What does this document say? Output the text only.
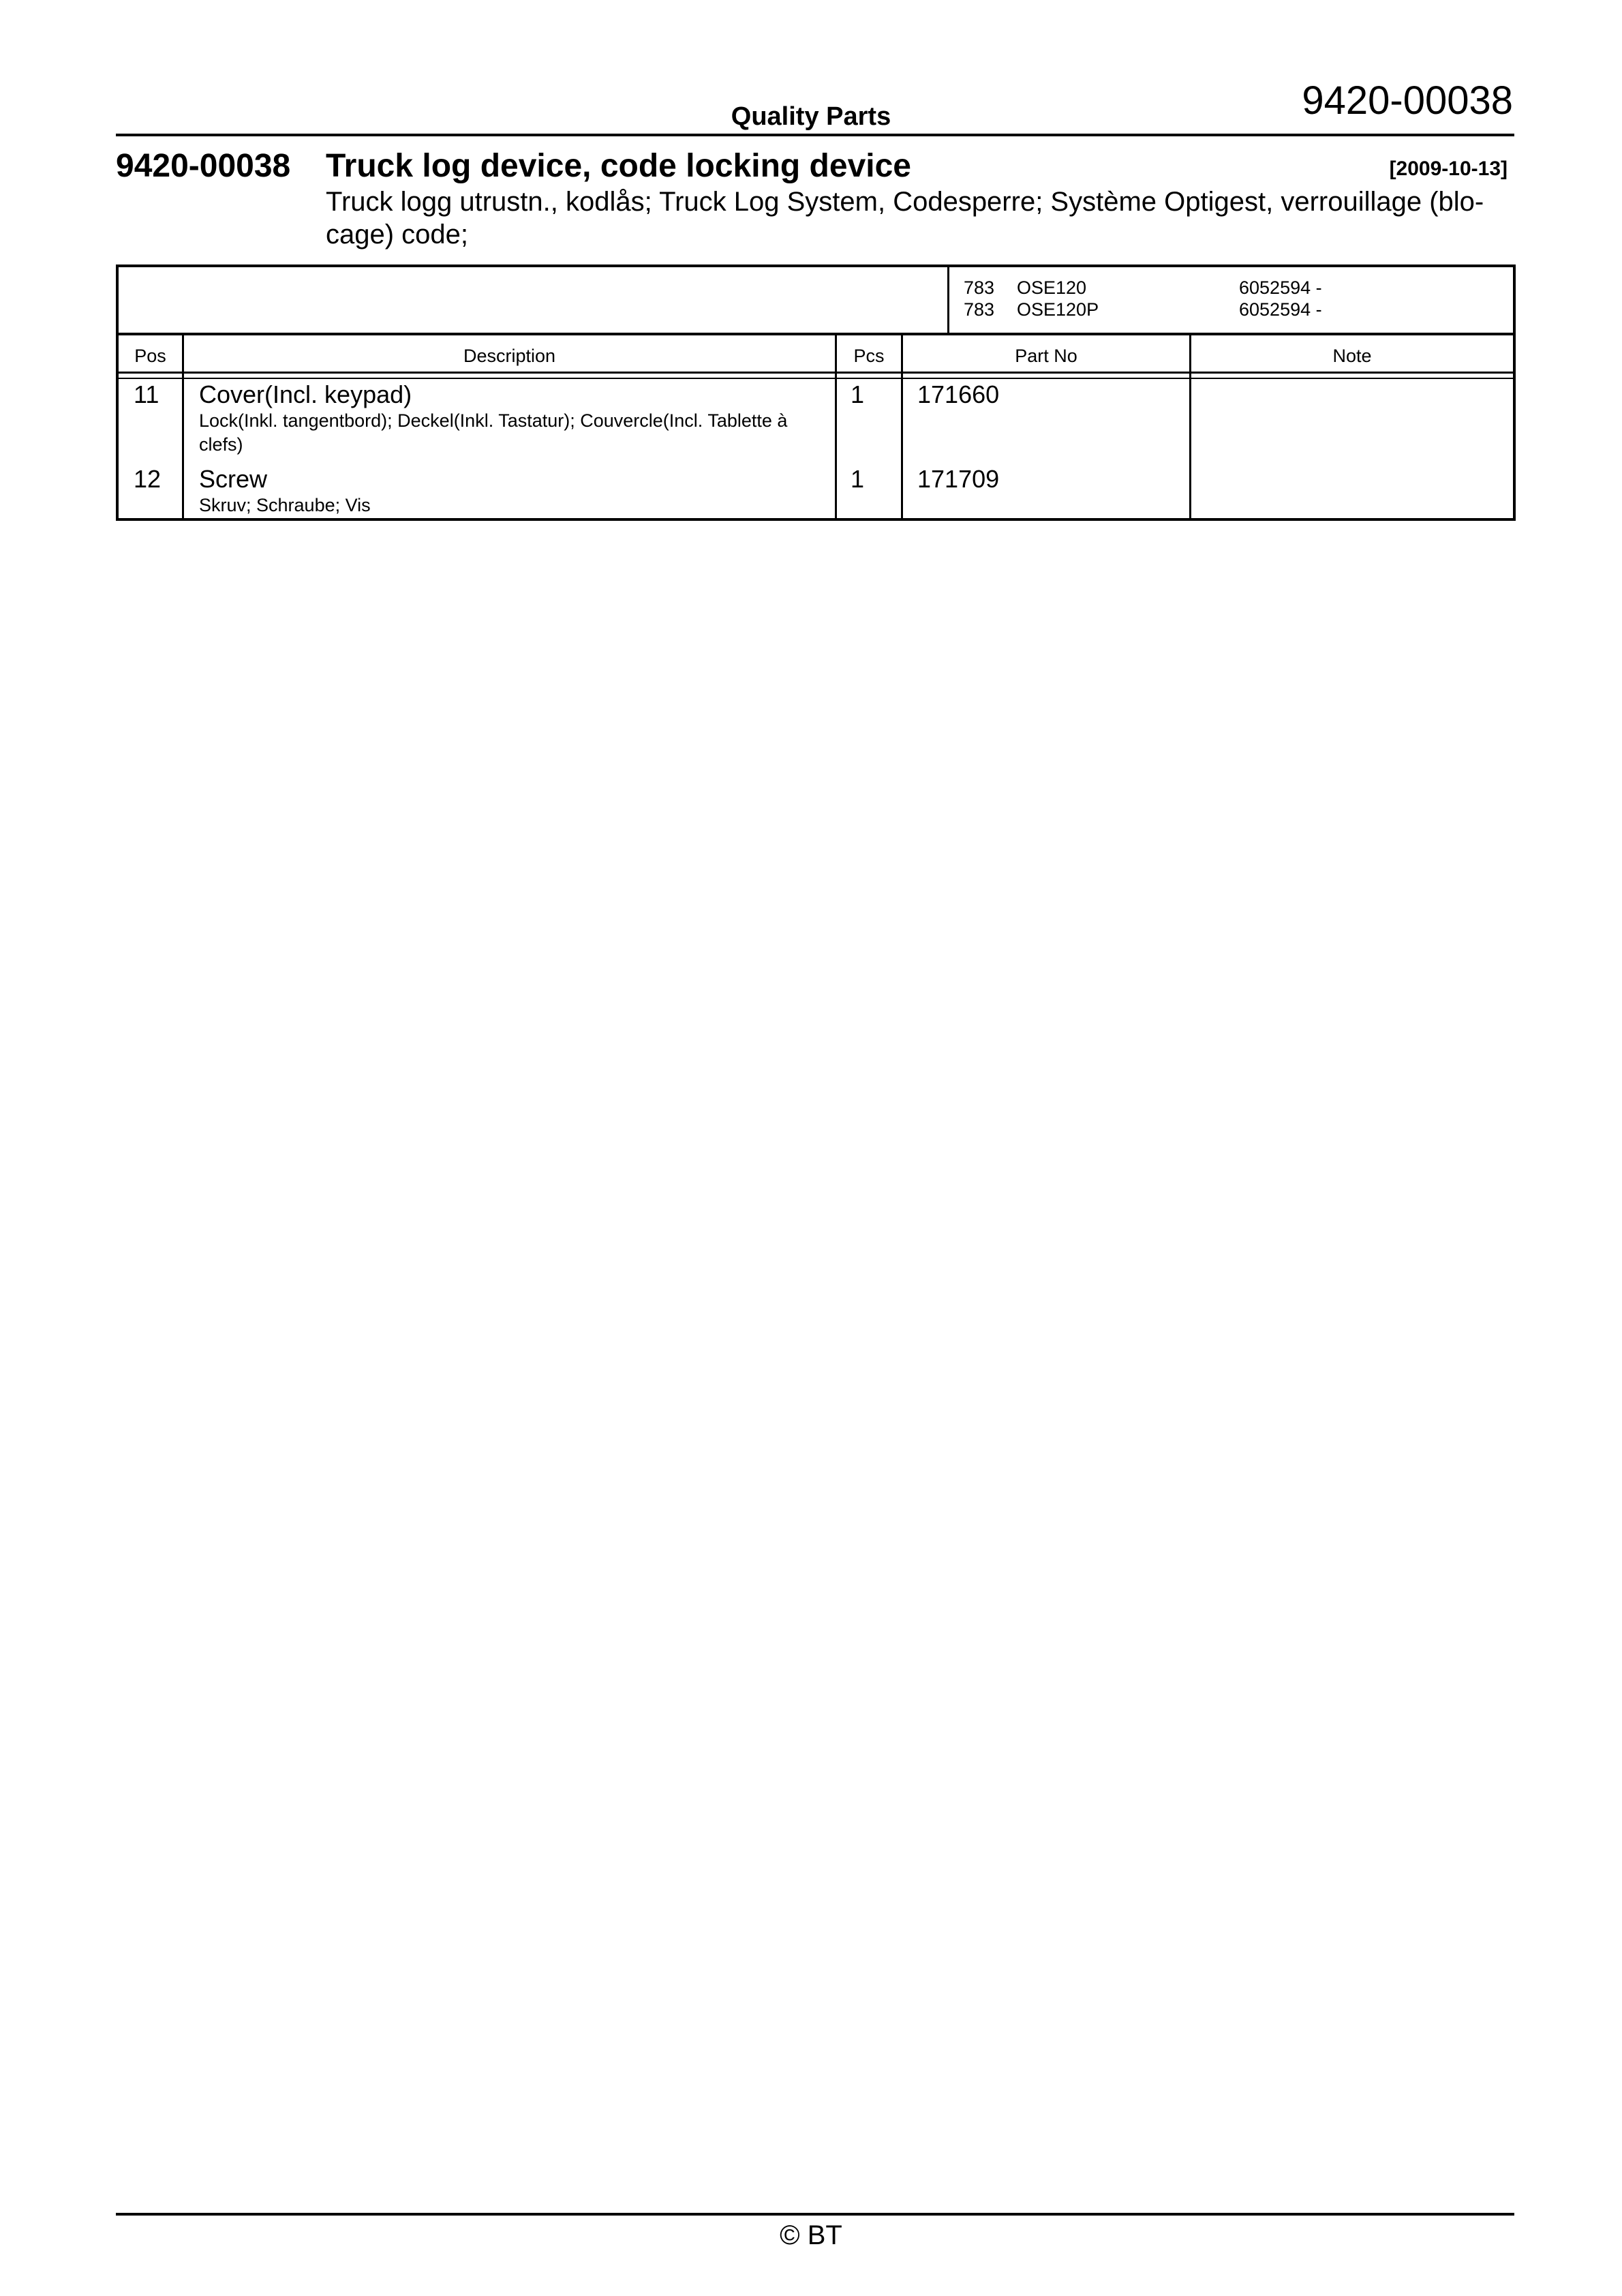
Quality Parts	9420-00038
9420-00038 Truck log device, code locking device	[2009-10-13]
Truck logg utrustn., kodlås; Truck Log System, Codesperre; Système Optigest, verrouillage (blo-
cage) code;
783 OSE120	6052594 -
783 OSE120P	6052594 -
Pos	Description	Pcs	Part No	Note
11 Cover(Incl. keypad)
Lock(Inkl. tangentbord); Deckel(Inkl. Tastatur); Couvercle(Incl. Tablette à
clefs)
1 171660
12 Screw
Skruv; Schraube; Vis
1 171709
© BT
